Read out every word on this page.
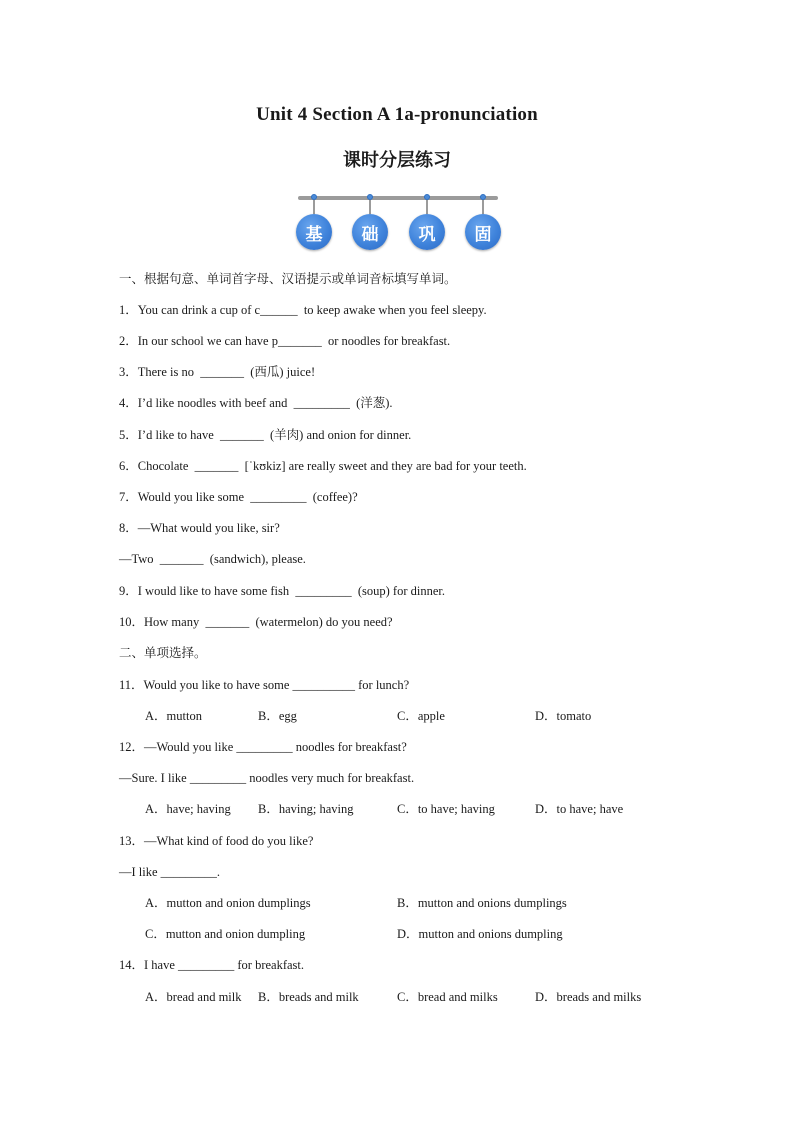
Unit 4 Section A 1a-pronunciation
课时分层练习
基	础	巩	固
一、根据句意、单词首字母、汉语提示或单词音标填写单词。
1．You can drink a cup of c______  to keep awake when you feel sleepy.
2．In our school we can have p_______  or noodles for breakfast.
3．There is no  _______  (西瓜) juice!
4．I’d like noodles with beef and  _________  (洋葱).
5．I’d like to have  _______  (羊肉) and onion for dinner.
6．Chocolate  _______  [ˈkʊkiz] are really sweet and they are bad for your teeth.
7．Would you like some  _________  (coffee)?
8．—What would you like, sir?
—Two  _______  (sandwich), please.
9．I would like to have some fish  _________  (soup) for dinner.
10．How many  _______  (watermelon) do you need?
二、单项选择。
11．Would you like to have some __________ for lunch?
A．mutton	B．egg	C．apple	D．tomato
12．—Would you like _________ noodles for breakfast?
—Sure. I like _________ noodles very much for breakfast.
A．have; having B．having; having	C．to have; having	D．to have; have
13．—What kind of food do you like?
—I like _________.
A．mutton and onion dumplings	B．mutton and onions dumplings
C．mutton and onion dumpling	D．mutton and onions dumpling
14．I have _________ for breakfast.
A．bread and milk B．breads and milk	C．bread and milks	D．breads and milks
